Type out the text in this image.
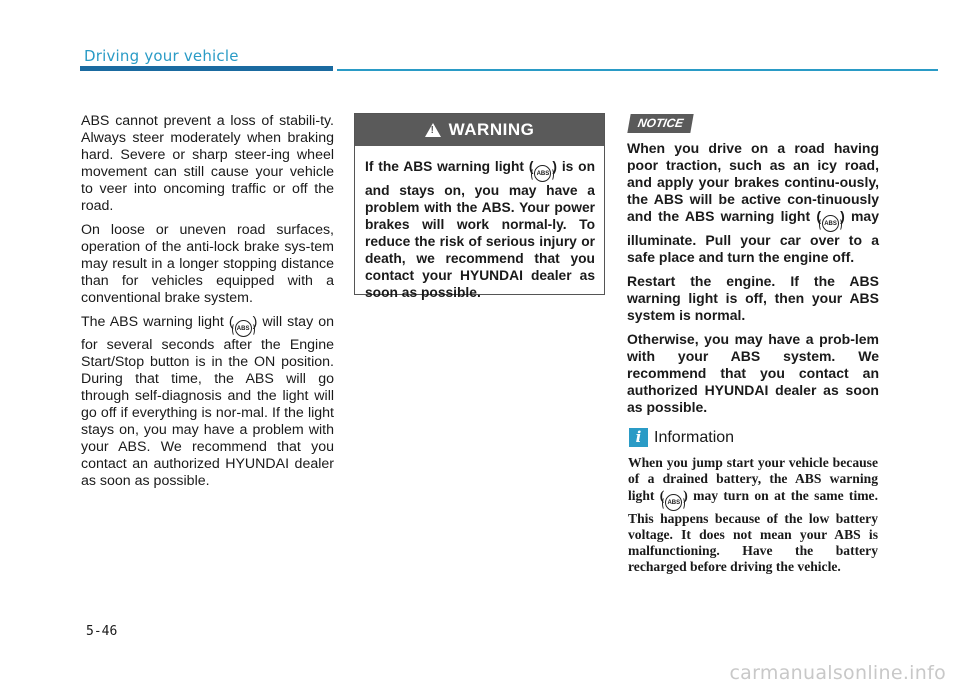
Driving your vehicle

ABS cannot prevent a loss of stabili-ty. Always steer moderately when braking hard. Severe or sharp steer-ing wheel movement can still cause your vehicle to veer into oncoming traffic or off the road.

On loose or uneven road surfaces, operation of the anti-lock brake sys-tem may result in a longer stopping distance than for vehicles equipped with a conventional brake system.

The ABS warning light ( ABS ) will stay on for several seconds after the Engine Start/Stop button is in the ON position. During that time, the ABS will go through self-diagnosis and the light will go off if everything is nor-mal. If the light stays on, you may have a problem with your ABS. We recommend that you contact an authorized HYUNDAI dealer as soon as possible.

! WARNING
If the ABS warning light ( ABS ) is on and stays on, you may have a problem with the ABS. Your power brakes will work normal-ly. To reduce the risk of serious injury or death, we recommend that you contact your HYUNDAI dealer as soon as possible.
NOTICE

When you drive on a road having poor traction, such as an icy road, and apply your brakes continu-ously, the ABS will be active con-tinuously and the ABS warning light ( ABS ) may illuminate. Pull your car over to a safe place and turn the engine off.

Restart the engine. If the ABS warning light is off, then your ABS system is normal.

Otherwise, you may have a prob-lem with your ABS system. We recommend that you contact an authorized HYUNDAI dealer as soon as possible.

i Information
When you jump start your vehicle because of a drained battery, the ABS warning light ( ABS ) may turn on at the same time. This happens because of the low battery voltage. It does not mean your ABS is malfunctioning. Have the battery recharged before driving the vehicle.
5-46
carmanualsonline.info
